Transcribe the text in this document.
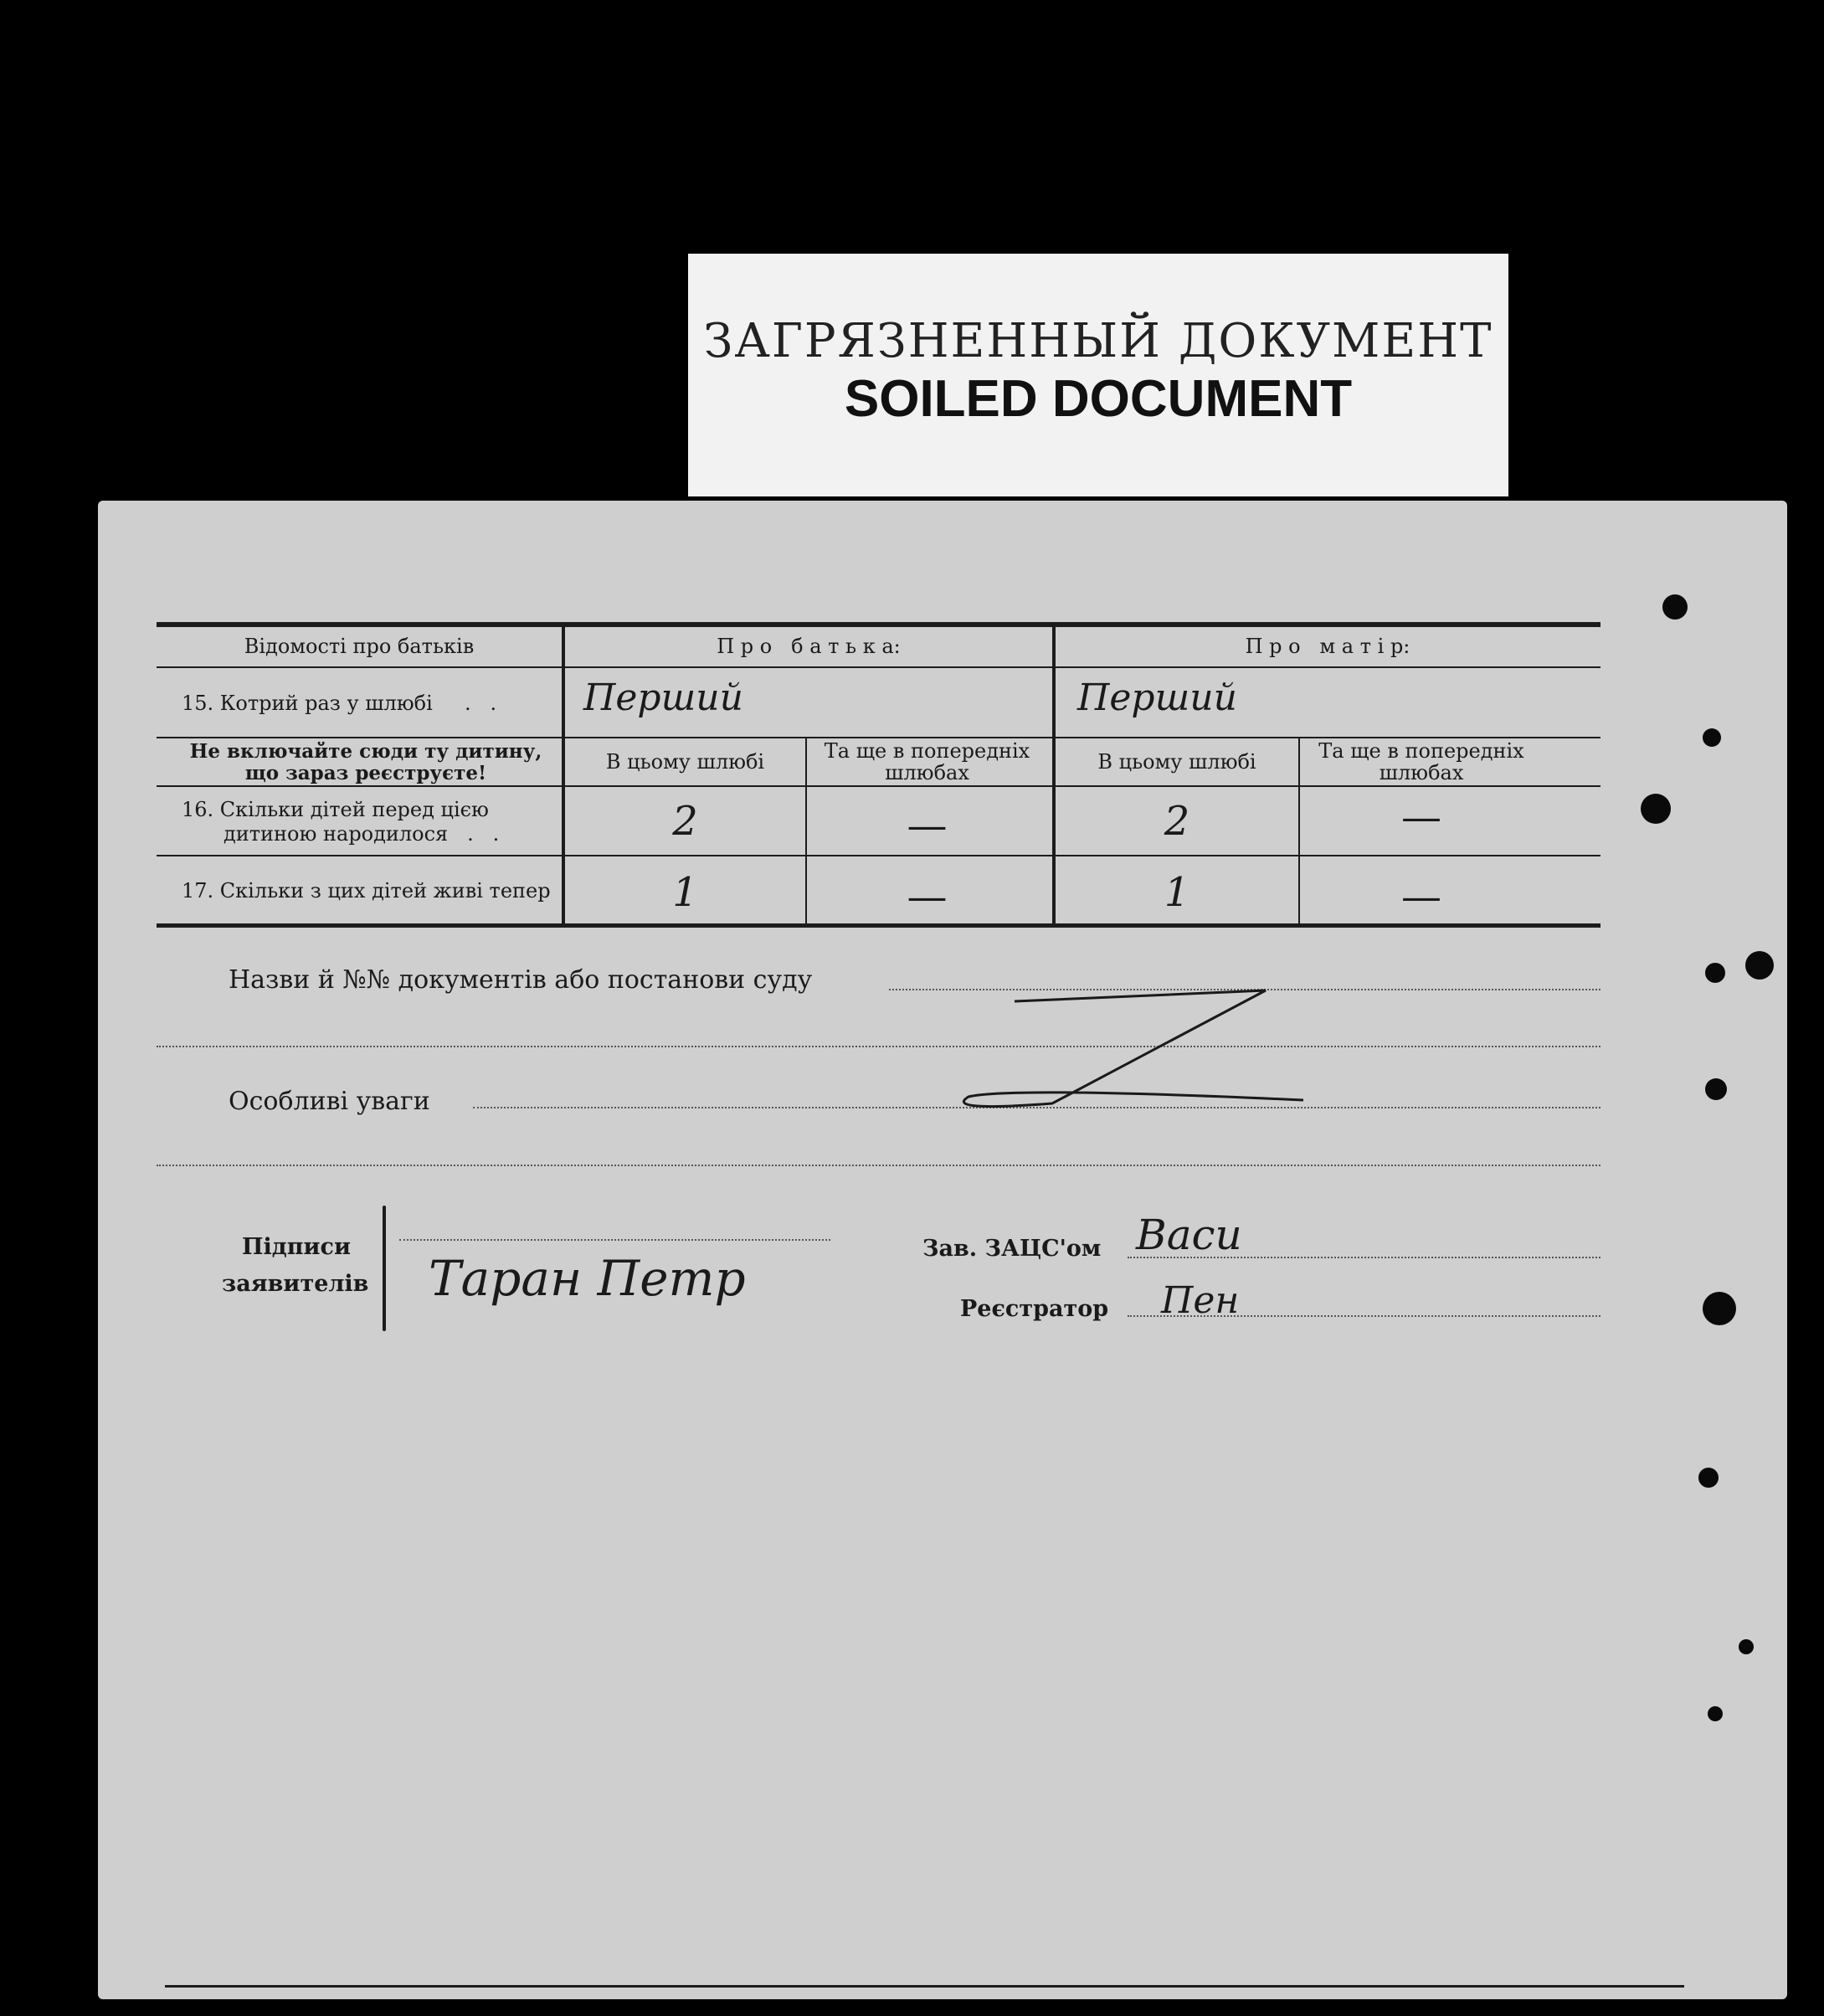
ЗАГРЯЗНЕННЫЙ ДОКУМЕНТ
SOILED DOCUMENT
Відомості про батьків	П р о   б а т ь к а:	П р о   м а т і р:
15. Котрий раз у шлюбі     .   . Перший	Перший
Не включайте сюди ту дитину, що зараз реєструєте!	В цьому шлюбі	Та ще в попередніх шлюбах	В цьому шлюбі	Та ще в попередніх шлюбах
16. Скільки дітей перед цією
дитиною народилося   .   .	2	—	2	—
17. Скільки з цих дітей живі тепер	1	—	1	—
Назви й №№ документів або постанови суду
Особливі уваги
Підписи
заявителів Таран Петр
Зав. ЗАЦС'ом Васи
Реєстратор Пен
